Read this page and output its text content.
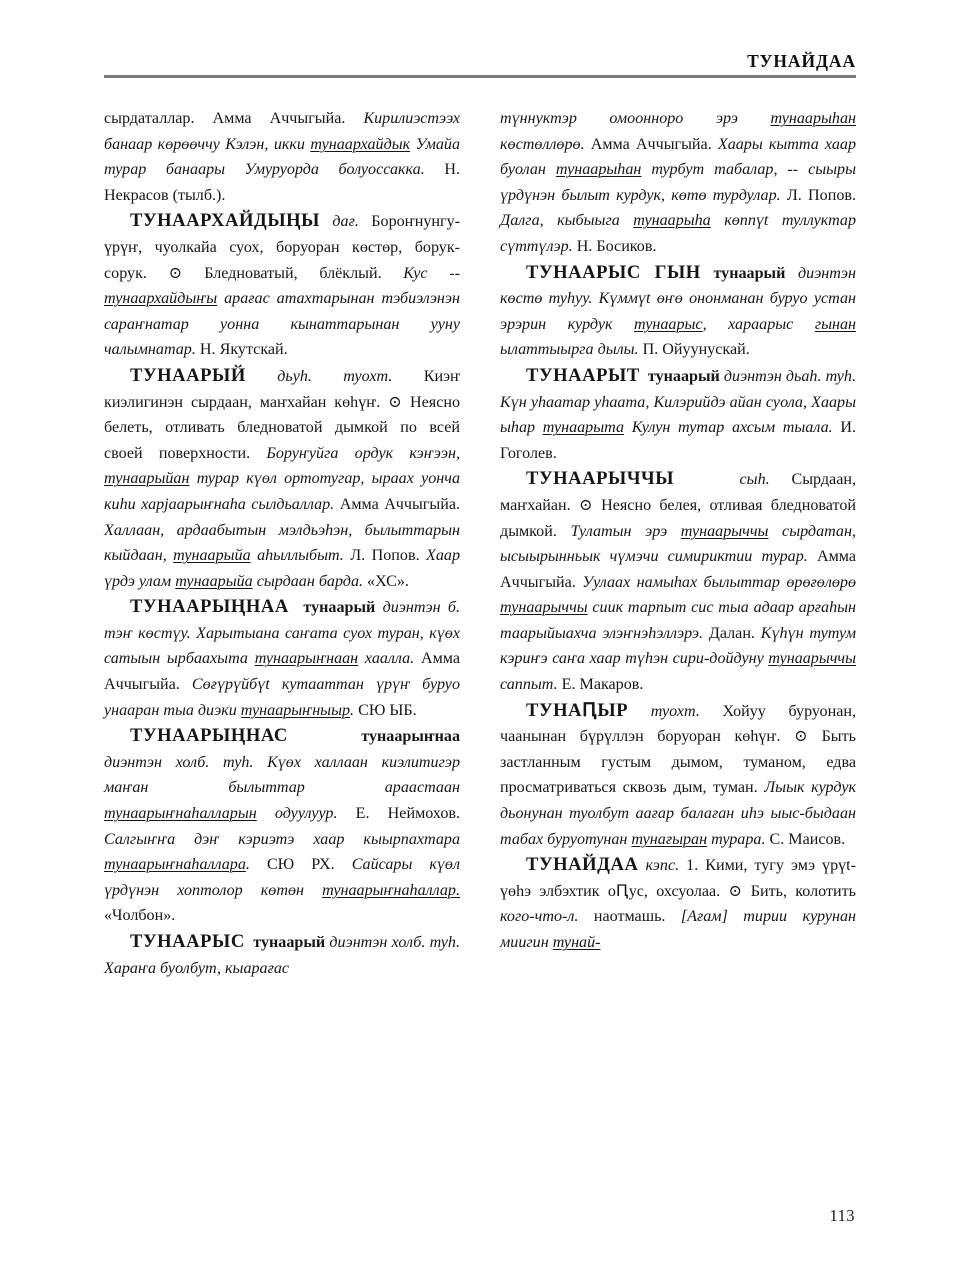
ТУНАЙДАА

сырдаталлар. Амма Аччыгыйа. Кирилиэстээх банаар көрөөччу Кэлэн, икки тунаархайдык Умайа турар банаары Умуруорда болуоссакка. Н. Некрасов (тылб.).

ТУНААРХАЙДЫҢЫ дағ. Бороҥнунгу-үрүҥ, чуолкайа суох, боруоран көстөр, борук-сорук. ⊙ Бледноватый, блёклый. Кус -- тунаархайдыҥы арағас атахтарынан тэбиэлэнэн сараҥнатар уонна кынаттарынан ууну чалымнатар. Н. Якутскай.

ТУНААРЫЙ дьуһ. туохт. Киэҥ киэлигинэн сырдаан, маҥхайан көһүҥ. ⊙ Неясно белеть, отливать бледноватой дымкой по всей своей поверхности. Боруҥуйга ордук кэҥээн, тунаарыйан турар күөл ортотугар, ыраах уонча киһи харjaapыҥнаһa сылдьаллар. Амма Аччыгыйа. Халлаан, ардаабытын мэлдьэһэн, былыттарын кыйдаан, тунаарыйа аһыллыбыт. Л. Попов. Хаар үрдэ улам тунаарыйа сырдаан барда. «ХС».

ТУНААРЫҢНАА тунаарый диэнтэн б. тэҥ көстүу. Харытыана саҥата суох туран, күөх сатыын ырбаахыта тунаарыҥнаан хаалла. Амма Аччыгыйа. Сөғүрүйбүt кутааттан үрүҥ буруо унааран тыа диэки тунаарыҥныыр. СЮ ЫБ.

ТУНААРЫҢНАС	тунаарыҥнаа диэнтэн холб. туһ. Күөх халлаан киэлитигэр маҥан былыттар араастаан тунаарыҥнаһалларын одуулуур. Е. Неймохов. Салгыҥҥа дэҥ кэриэтэ хаар кыырпахтара тунаарыҥнаһаллара. СЮ РХ. Сайсары күөл үрдүнэн хоптолор көтөн тунаарыҥнаһаллар. «Чолбон».

ТУНААРЫС тунаарый диэнтэн холб. туһ. Хараҥа буолбут, кыарағас

түннуктэр омоонноро эрэ тунаарыһан көстөллөрө. Амма Аччыгыйа. Хаары кытта хаар буолан тунаарыһан турбут табалар, -- сыыры үрдүнэн былыт курдук, көтө турдулар. Л. Попов. Далга, кыбыыга тунаарыһa көппүt туллуктар сүттүлэр. Н. Босиков.

ТУНААРЫС ГЫН тунаарый диэнтэн көстө туһуу. Күммүt өҥө ононманан буруо устан эрэрин курдук тунаарыс, хараарыс гынан ылаттыырга дылы. П. Ойуунускай.

ТУНААРЫТ тунаарый диэнтэн дьаһ. туһ. Күн уһаатар уһаата, Килэрийдэ айан суола, Хаары ыһар тунаарыта Кулун тутар ахсым тыала. И. Гоголев.

ТУНААРЫЧЧЫ	сыһ. Сырдаан, маҥхайан. ⊙ Неясно белея, отливая бледноватой дымкой. Тулатын эрэ тунаарыччы сырдатан, ысыырынньык чүмэчи симириктии турар. Амма Аччыгыйа. Уулаах намыһах былыттар өрөғөлөрө тунаарыччы сиик тарпыт сис тыа адаар арғаһын таарыйыахча элэҥнэһэллэрэ. Далан. Күһүн тутум кэриҥэ саҥа хаар түһэн сири-дойдуну тунаарыччы саппыт. Е. Макаров.

ТУНАԤЫР туохт. Хойуу буруонан, чаанынан бүрүллэн боруоран көһүҥ. ⊙ Быть застланным густым дымом, туманом, едва просматриваться сквозь дым, туман. Лыык курдук дьонунан туолбут аағар балаған иһэ ыыс-быдаан табах буруотунан тунағыран турара. С. Маисов.

ТУНАЙДАА кэпс. 1. Кими, тугу эмэ үрүt-үөһэ элбэхтик оԤус, охсуолаа. ⊙ Бить, колотить кого-что-л. наотмашь. [Ағам] тирии курунан миигин тунай-

113
